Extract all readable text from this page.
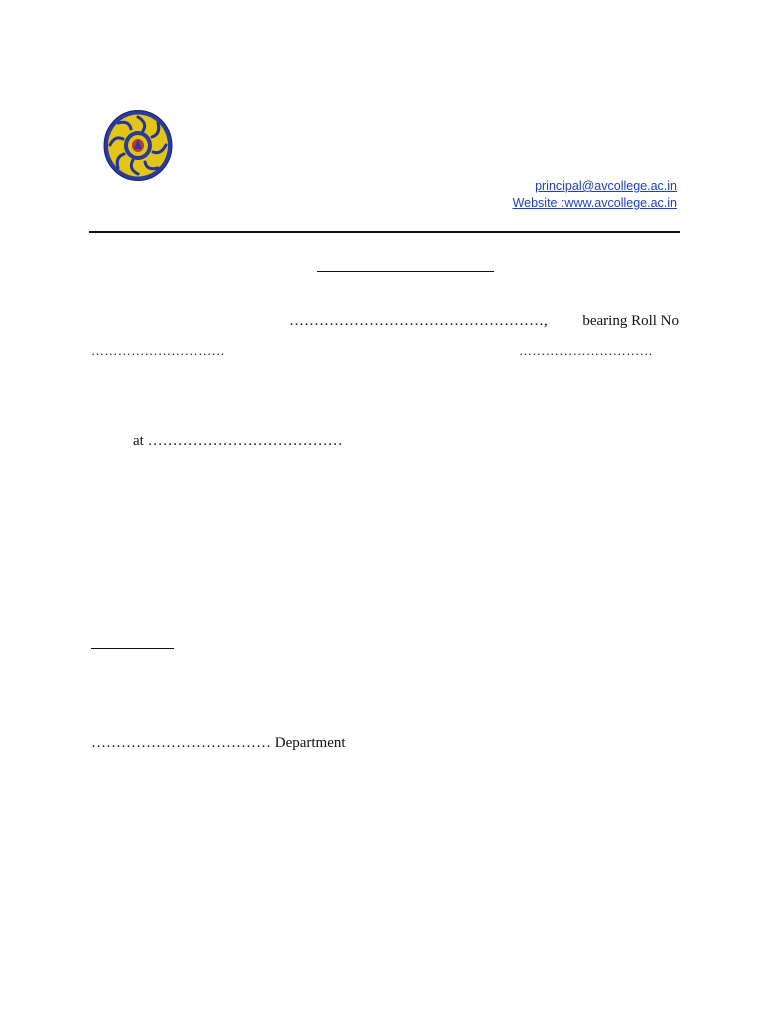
principal@avcollege.ac.in
Website :www.avcollege.ac.in
……………………………………………, bearing Roll No
…………………………	…………………………
at …………………………………
……………………………… Department
